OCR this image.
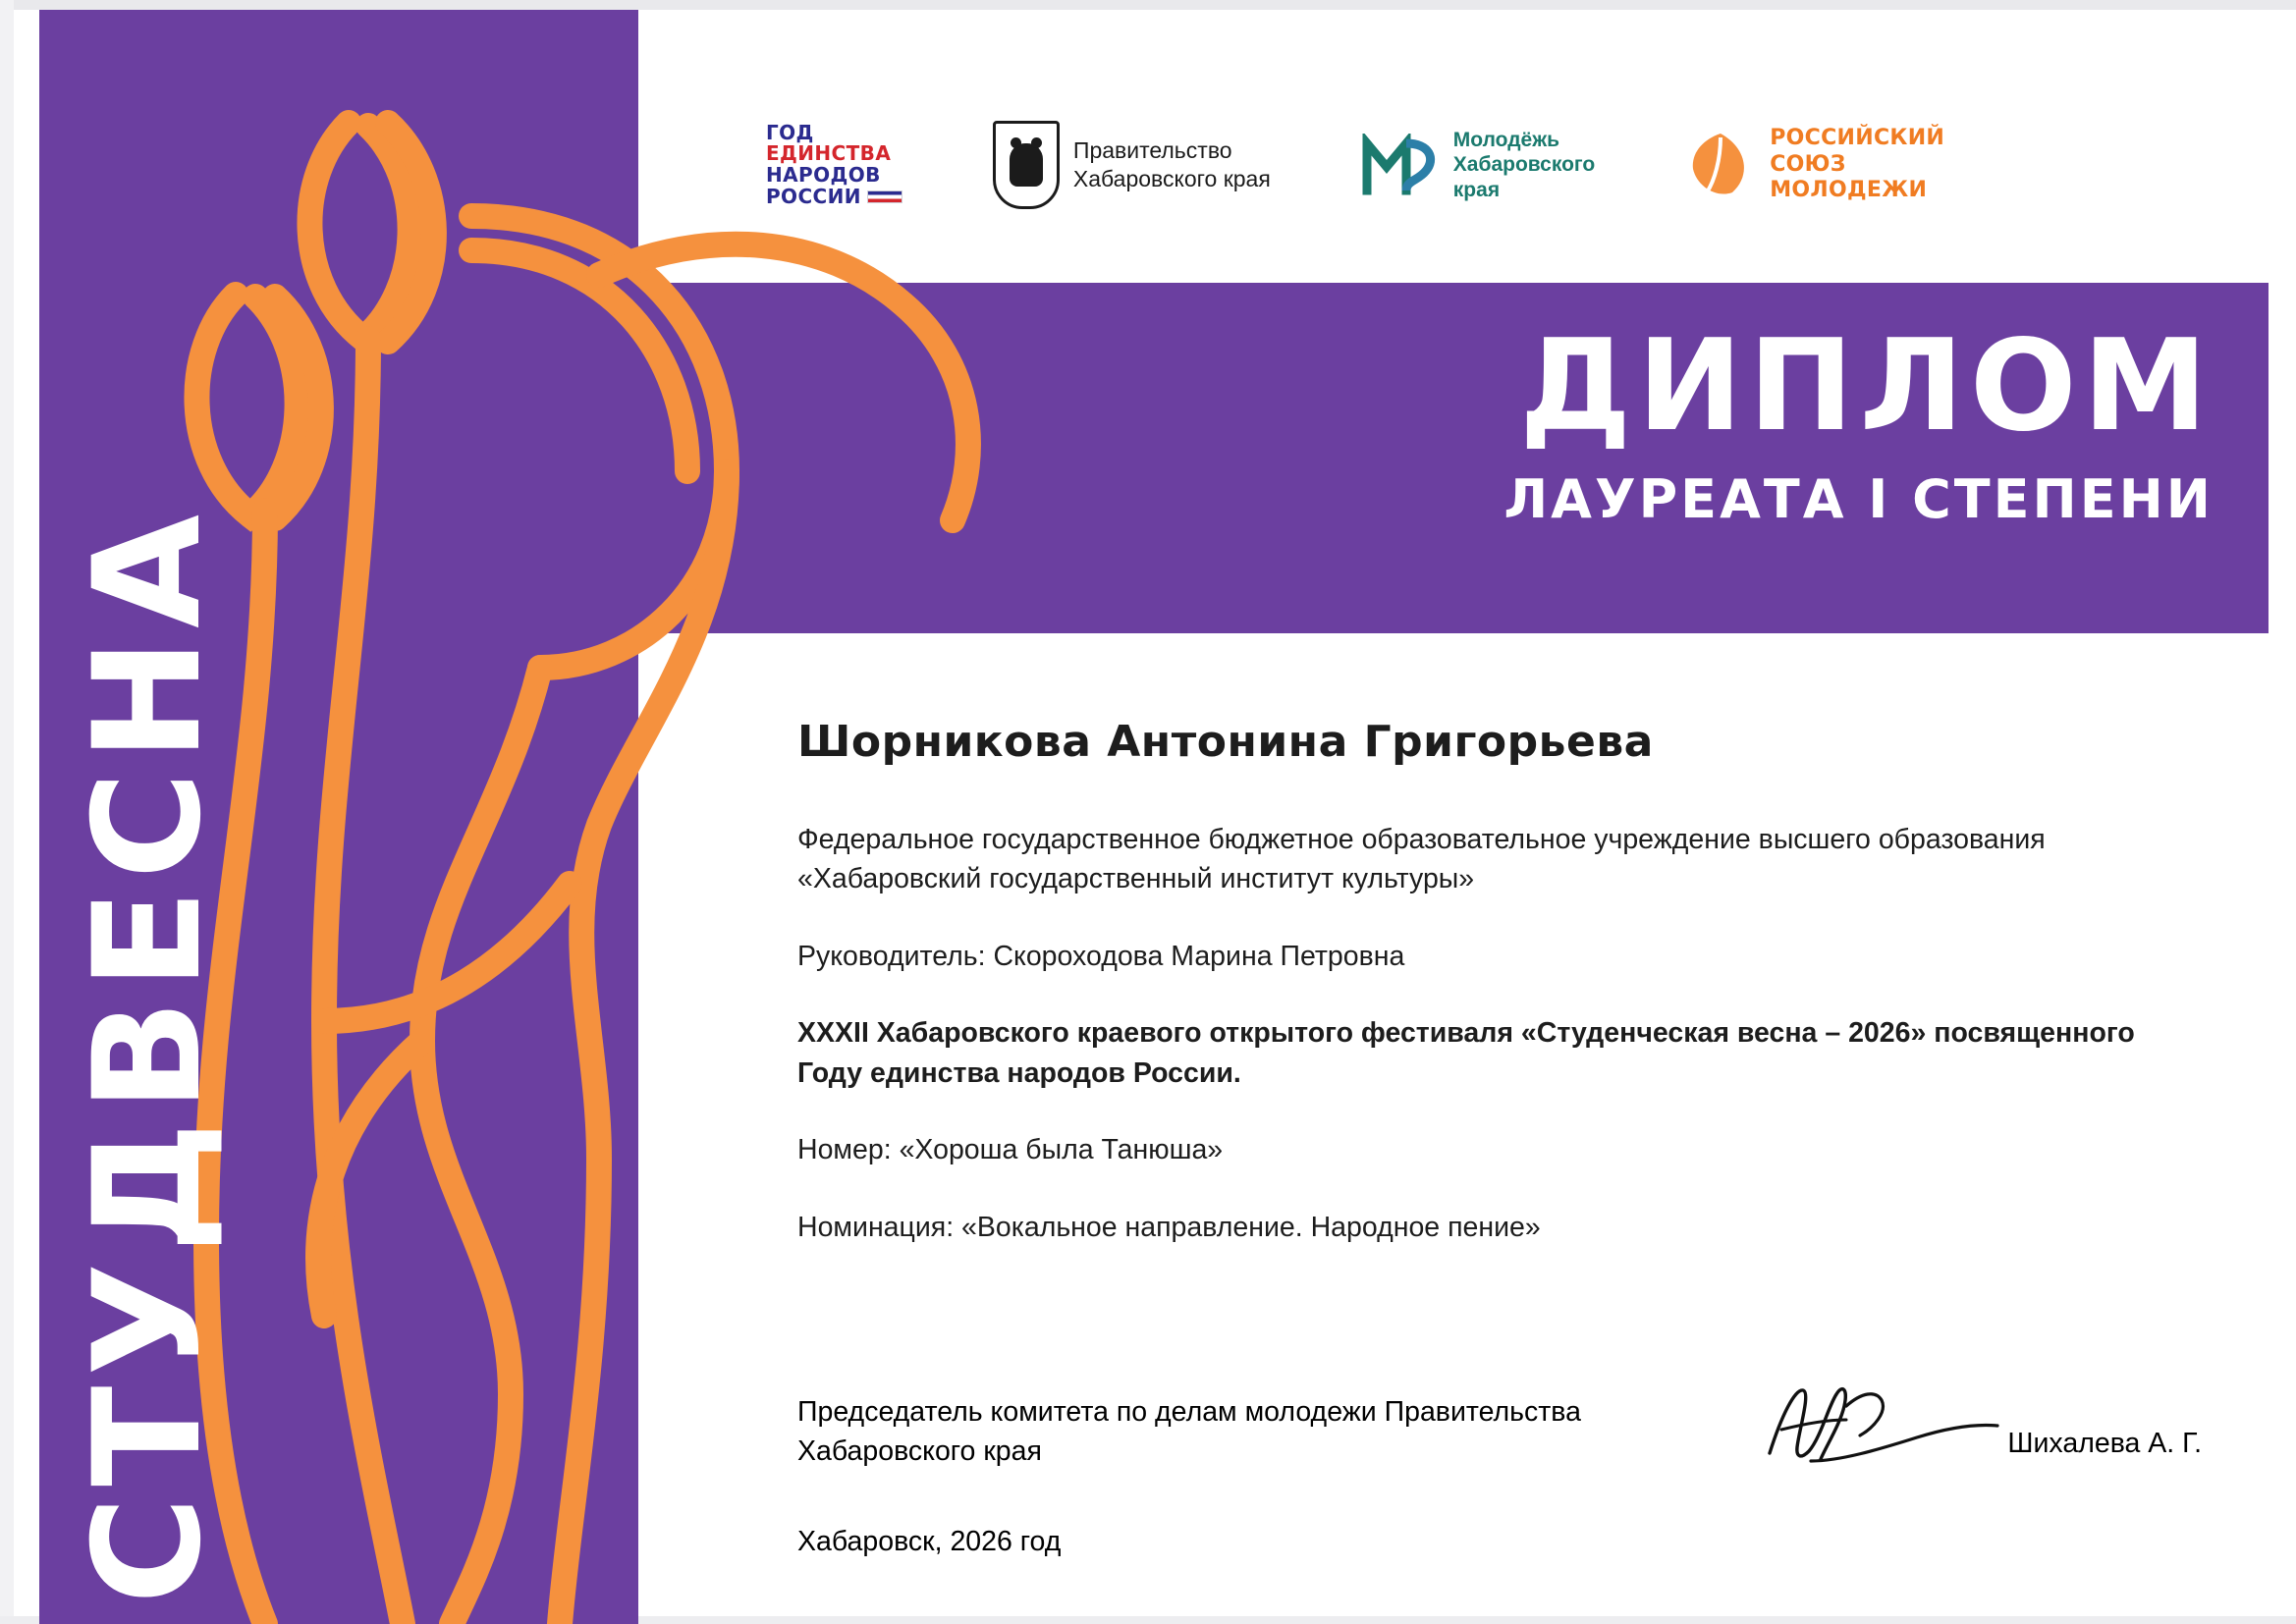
СТУДВЕСНА
ГОД
ЕДИНСТВА
НАРОДОВ
РОССИИ
Правительство
Хабаровского края
Молодёжь
Хабаровского
края
РОССИЙСКИЙ
СОЮЗ
МОЛОДЕЖИ
ДИПЛОМ
ЛАУРЕАТА I СТЕПЕНИ
Шорникова Антонина Григорьева
Федеральное государственное бюджетное образовательное учреждение высшего образования «Хабаровский государственный институт культуры»
Руководитель: Скороходова Марина Петровна
XXXII Хабаровского краевого открытого фестиваля «Студенческая весна – 2026» посвященного Году единства народов России.
Номер: «Хороша была Танюша»
Номинация: «Вокальное направление. Народное пение»
Председатель комитета по делам молодежи Правительства Хабаровского края	Шихалева А. Г.
Хабаровск, 2026 год
